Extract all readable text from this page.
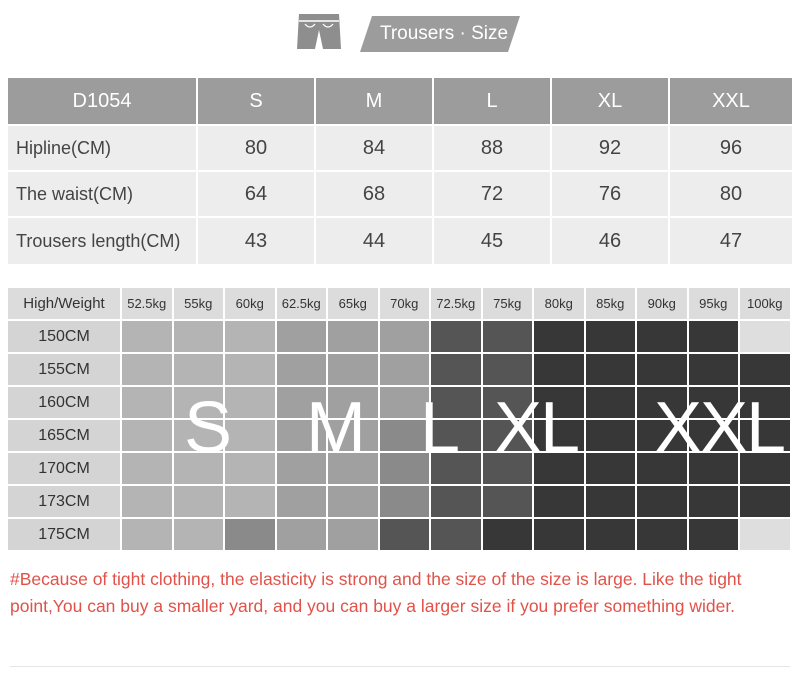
Trousers · Size
D1054	S	M	L	XL	XXL
Hipline(CM)	80	84	88	92	96
The waist(CM)	64	68	72	76	80
Trousers length(CM)	43	44	45	46	47
High/Weight	52.5kg	55kg	60kg	62.5kg	65kg	70kg	72.5kg	75kg	80kg	85kg	90kg	95kg	100kg
150CM
155CM
160CM
165CM
170CM
173CM
175CM
S M L XL XXL
#Because of tight clothing, the elasticity is strong and the size of the size is large. Like the tight point,You can buy a smaller yard, and you can buy a larger size if you prefer something wider.
